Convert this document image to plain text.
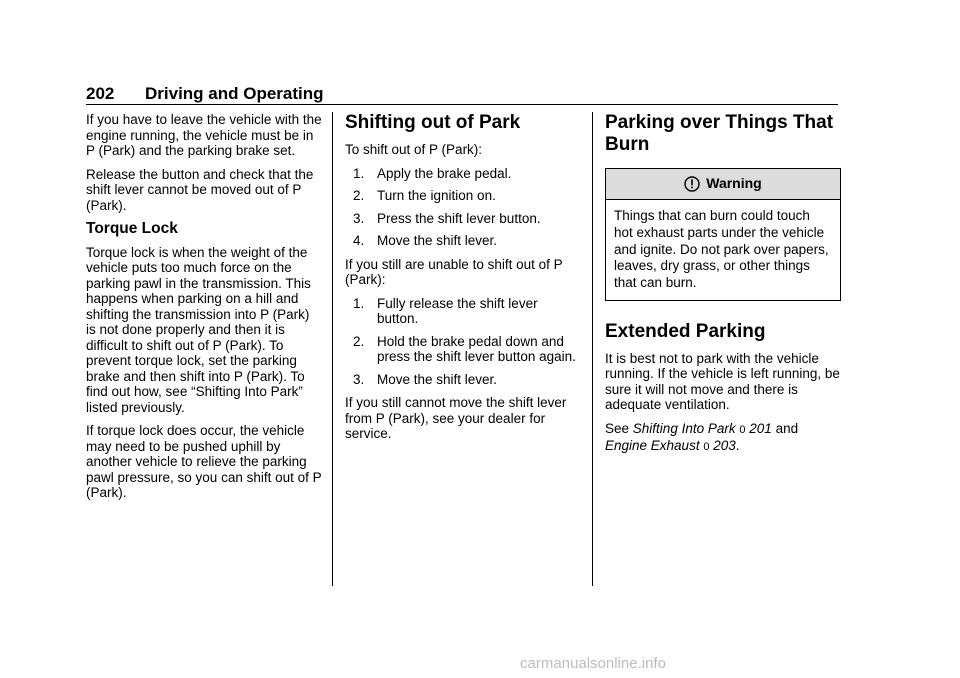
202 Driving and Operating

If you have to leave the vehicle with the engine running, the vehicle must be in P (Park) and the parking brake set.

Release the button and check that the shift lever cannot be moved out of P (Park).

Torque Lock

Torque lock is when the weight of the vehicle puts too much force on the parking pawl in the transmission. This happens when parking on a hill and shifting the transmission into P (Park) is not done properly and then it is difficult to shift out of P (Park). To prevent torque lock, set the parking brake and then shift into P (Park). To find out how, see “Shifting Into Park” listed previously.

If torque lock does occur, the vehicle may need to be pushed uphill by another vehicle to relieve the parking pawl pressure, so you can shift out of P (Park).

Shifting out of Park

To shift out of P (Park):

1. Apply the brake pedal.
2. Turn the ignition on.
3. Press the shift lever button.
4. Move the shift lever.

If you still are unable to shift out of P (Park):

1. Fully release the shift lever button.
2. Hold the brake pedal down and press the shift lever button again.
3. Move the shift lever.

If you still cannot move the shift lever from P (Park), see your dealer for service.

Parking over Things That Burn
Warning
Things that can burn could touch hot exhaust parts under the vehicle and ignite. Do not park over papers, leaves, dry grass, or other things that can burn.
Extended Parking

It is best not to park with the vehicle running. If the vehicle is left running, be sure it will not move and there is adequate ventilation.

See Shifting Into Park 0 201 and Engine Exhaust 0 203.

carmanualsonline.info
